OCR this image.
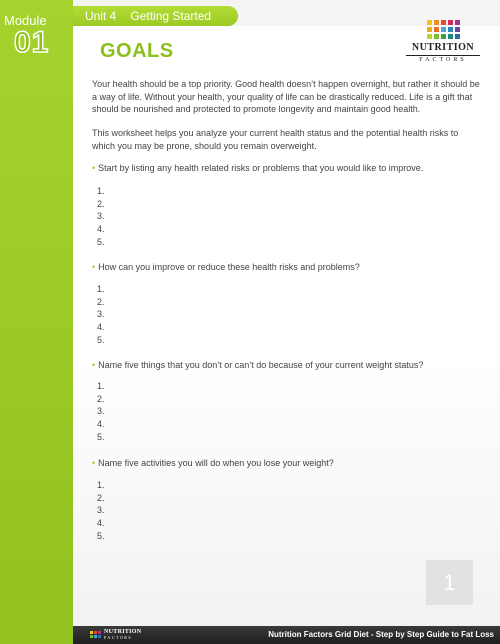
Module
01
Unit 4 Getting Started
GOALS	NUTRITION
FACTORS

Your health should be a top priority. Good health doesn’t happen overnight, but rather it should be a way of life. Without your health, your quality of life can be drastically reduced. Life is a gift that should be nourished and protected to promote longevity and maintain good health.

This worksheet helps you analyze your current health status and the potential health risks to which you may be prone, should you remain overweight.

• Start by listing any health related risks or problems that you would like to improve.
1.
2.
3.
4.
5.
• How can you improve or reduce these health risks and problems?
1.
2.
3.
4.
5.
• Name five things that you don’t or can’t do because of your current weight status?
1.
2.
3.
4.
5.
• Name five activities you will do when you lose your weight?
1.
2.
3.
4.
5.
1
NUTRITION
FACTORS	Nutrition Factors Grid Diet - Step by Step Guide to Fat Loss
